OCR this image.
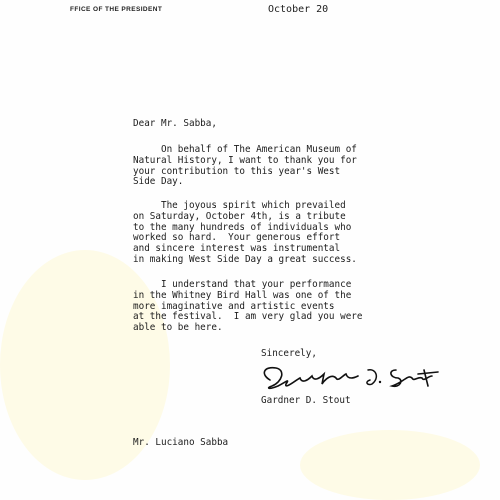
FFICE OF THE PRESIDENT	October 20
Dear Mr. Sabba,
On behalf of The American Museum of
Natural History, I want to thank you for
your contribution to this year's West
Side Day.
The joyous spirit which prevailed
on Saturday, October 4th, is a tribute
to the many hundreds of individuals who
worked so hard.  Your generous effort
and sincere interest was instrumental
in making West Side Day a great success.
I understand that your performance
in the Whitney Bird Hall was one of the
more imaginative and artistic events
at the festival.  I am very glad you were
able to be here.
Sincerely,
Gardner D. Stout
Mr. Luciano Sabba
